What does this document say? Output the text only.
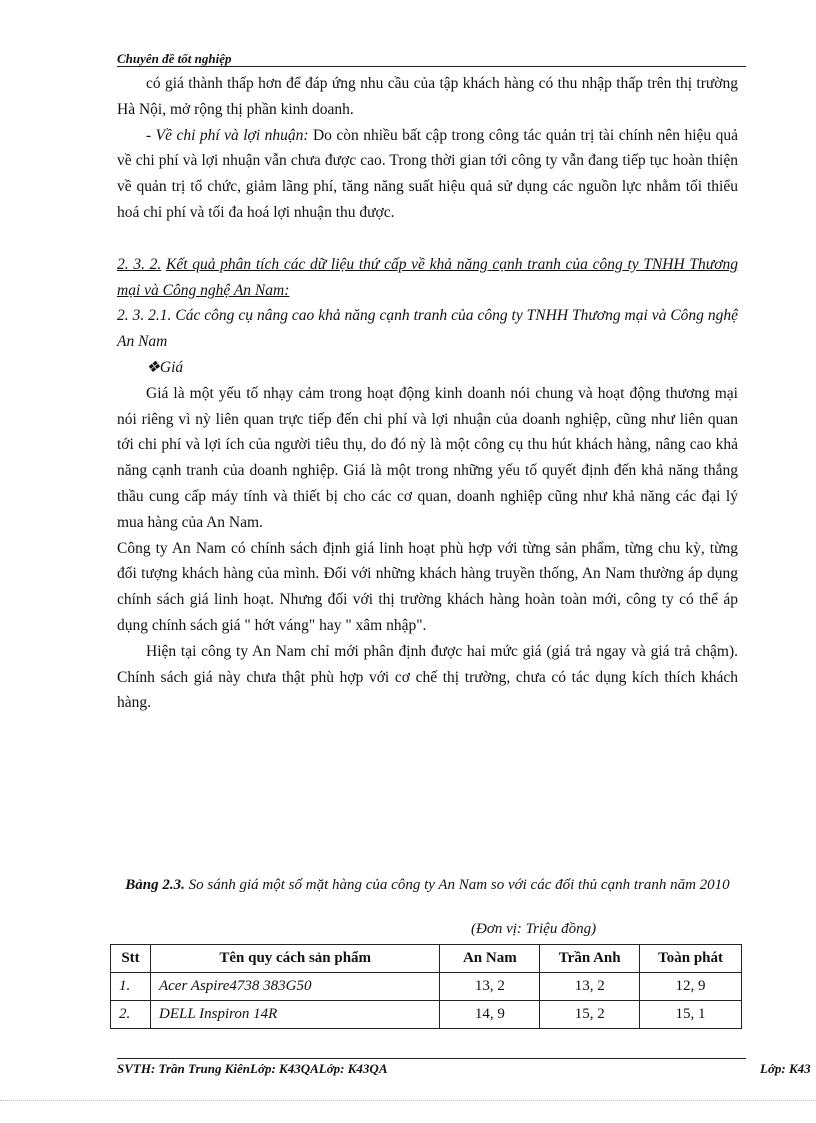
Chuyên đề tốt nghiệp

có giá thành thấp hơn để đáp ứng nhu cầu của tập khách hàng có thu nhập thấp trên thị trường Hà Nội, mở rộng thị phần kinh doanh.

- Về chi phí và lợi nhuận: Do còn nhiều bất cập trong công tác quản trị tài chính nên hiệu quả về chi phí và lợi nhuận vẫn chưa được cao. Trong thời gian tới công ty vẫn đang tiếp tục hoàn thiện về quản trị tổ chức, giảm lãng phí, tăng năng suất hiệu quả sử dụng các nguồn lực nhằm tối thiểu hoá chi phí và tối đa hoá lợi nhuận thu được.

2. 3. 2. Kết quả phân tích các dữ liệu thứ cấp về khả năng cạnh tranh của công ty TNHH Thương mại và Công nghệ An Nam:

2. 3. 2.1. Các công cụ nâng cao khả năng cạnh tranh của công ty TNHH Thương mại và Công nghệ An Nam

❖Giá

Giá là một yếu tố nhạy cảm trong hoạt động kinh doanh nói chung và hoạt động thương mại nói riêng vì nỳ liên quan trực tiếp đến chi phí và lợi nhuận của doanh nghiệp, cũng như liên quan tới chi phí và lợi ích của người tiêu thụ, do đó nỳ là một công cụ thu hút khách hàng, nâng cao khả năng cạnh tranh của doanh nghiệp. Giá là một trong những yếu tố quyết định đến khả năng thắng thầu cung cấp máy tính và thiết bị cho các cơ quan, doanh nghiệp cũng như khả năng các đại lý mua hàng của An Nam.

Công ty An Nam có chính sách định giá linh hoạt phù hợp với từng sản phẩm, từng chu kỳ, từng đối tượng khách hàng của mình. Đối với những khách hàng truyền thống, An Nam thường áp dụng chính sách giá linh hoạt. Nhưng đối với thị trường khách hàng hoàn toàn mới, công ty có thể áp dụng chính sách giá " hớt váng" hay " xâm nhập".

Hiện tại công ty An Nam chỉ mới phân định được hai mức giá (giá trả ngay và giá trả chậm). Chính sách giá này chưa thật phù hợp với cơ chế thị trường, chưa có tác dụng kích thích khách hàng.

Bảng 2.3. So sánh giá một số mặt hàng của công ty An Nam so với các đối thủ cạnh tranh năm 2010
(Đơn vị: Triệu đồng)
Stt	Tên quy cách sản phẩm	An Nam	Trần Anh	Toàn phát
1.	Acer Aspire4738 383G50	13, 2	13, 2	12, 9
2.	DELL Inspiron 14R	14, 9	15, 2	15, 1
SVTH: Trần Trung KiênLớp: K43QALớp: K43QA	Lớp: K43
